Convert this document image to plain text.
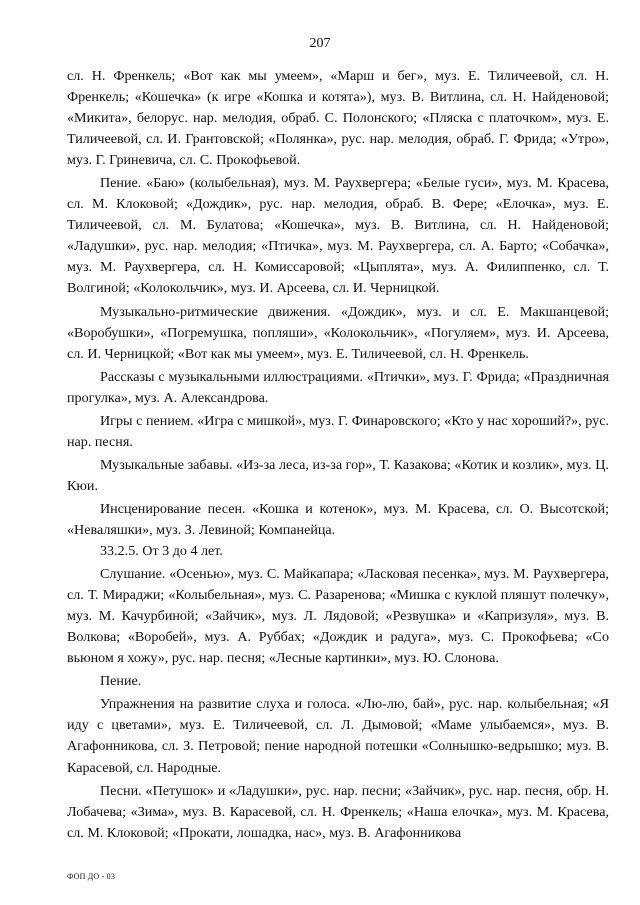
207

сл. Н. Френкель; «Вот как мы умеем», «Марш и бег», муз. Е. Тиличеевой, сл. Н. Френкель; «Кошечка» (к игре «Кошка и котята»), муз. В. Витлина, сл. Н. Найденовой; «Микита», белорус. нар. мелодия, обраб. С. Полонского; «Пляска с платочком», муз. Е. Тиличеевой, сл. И. Грантовской; «Полянка», рус. нар. мелодия, обраб. Г. Фрида; «Утро», муз. Г. Гриневича, сл. С. Прокофьевой.

Пение. «Баю» (колыбельная), муз. М. Раухвергера; «Белые гуси», муз. М. Красева, сл. М. Клоковой; «Дождик», рус. нар. мелодия, обраб. В. Фере; «Елочка», муз. Е. Тиличеевой, сл. М. Булатова; «Кошечка», муз. В. Витлина, сл. Н. Найденовой; «Ладушки», рус. нар. мелодия; «Птичка», муз. М. Раухвергера, сл. А. Барто; «Собачка», муз. М. Раухвергера, сл. Н. Комиссаровой; «Цыплята», муз. А. Филиппенко, сл. Т. Волгиной; «Колокольчик», муз. И. Арсеева, сл. И. Черницкой.

Музыкально-ритмические движения. «Дождик», муз. и сл. Е. Макшанцевой; «Воробушки», «Погремушка, попляши», «Колокольчик», «Погуляем», муз. И. Арсеева, сл. И. Черницкой; «Вот как мы умеем», муз. Е. Тиличеевой, сл. Н. Френкель.

Рассказы с музыкальными иллюстрациями. «Птички», муз. Г. Фрида; «Праздничная прогулка», муз. А. Александрова.

Игры с пением. «Игра с мишкой», муз. Г. Финаровского; «Кто у нас хороший?», рус. нар. песня.

Музыкальные забавы. «Из-за леса, из-за гор», Т. Казакова; «Котик и козлик», муз. Ц. Кюи.

Инсценирование песен. «Кошка и котенок», муз. М. Красева, сл. О. Высотской; «Неваляшки», муз. З. Левиной; Компанейца.

33.2.5. От 3 до 4 лет.

Слушание. «Осенью», муз. С. Майкапара; «Ласковая песенка», муз. М. Раухвергера, сл. Т. Мираджи; «Колыбельная», муз. С. Разаренова; «Мишка с куклой пляшут полечку», муз. М. Качурбиной; «Зайчик», муз. Л. Лядовой; «Резвушка» и «Капризуля», муз. В. Волкова; «Воробей», муз. А. Руббах; «Дождик и радуга», муз. С. Прокофьева; «Со вьюном я хожу», рус. нар. песня; «Лесные картинки», муз. Ю. Слонова.

Пение.

Упражнения на развитие слуха и голоса. «Лю-лю, бай», рус. нар. колыбельная; «Я иду с цветами», муз. Е. Тиличеевой, сл. Л. Дымовой; «Маме улыбаемся», муз. В. Агафонникова, сл. З. Петровой; пение народной потешки «Солнышко-ведрышко; муз. В. Карасевой, сл. Народные.

Песни. «Петушок» и «Ладушки», рус. нар. песни; «Зайчик», рус. нар. песня, обр. Н. Лобачева; «Зима», муз. В. Карасевой, сл. Н. Френкель; «Наша елочка», муз. М. Красева, сл. М. Клоковой; «Прокати, лошадка, нас», муз. В. Агафонникова

ФОП ДО - 03
